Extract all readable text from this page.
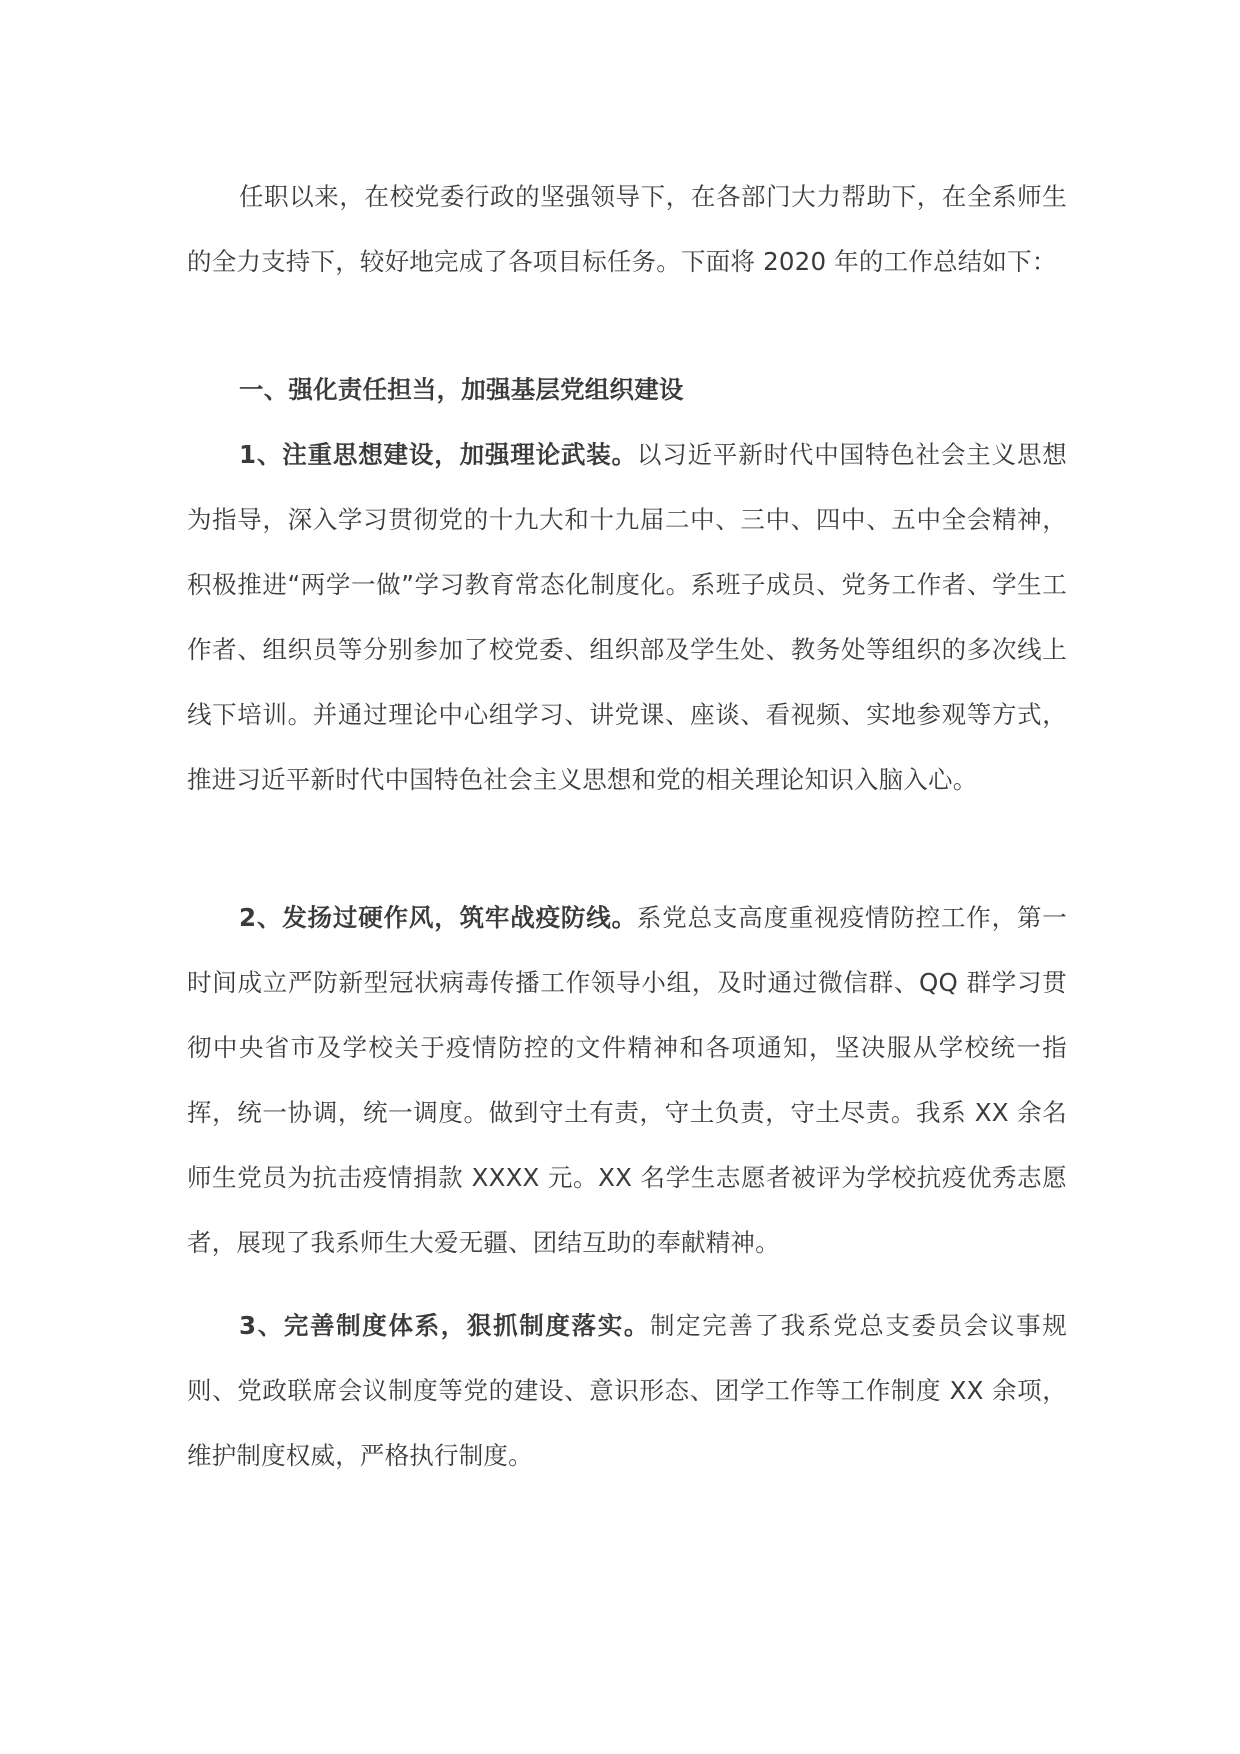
任职以来，在校党委行政的坚强领导下，在各部门大力帮助下，在全系师生的全力支持下，较好地完成了各项目标任务。下面将 2020 年的工作总结如下：

一、强化责任担当，加强基层党组织建设

1、注重思想建设，加强理论武装。以习近平新时代中国特色社会主义思想为指导，深入学习贯彻党的十九大和十九届二中、三中、四中、五中全会精神，积极推进“两学一做”学习教育常态化制度化。系班子成员、党务工作者、学生工作者、组织员等分别参加了校党委、组织部及学生处、教务处等组织的多次线上线下培训。并通过理论中心组学习、讲党课、座谈、看视频、实地参观等方式，推进习近平新时代中国特色社会主义思想和党的相关理论知识入脑入心。

2、发扬过硬作风，筑牢战疫防线。系党总支高度重视疫情防控工作，第一时间成立严防新型冠状病毒传播工作领导小组，及时通过微信群、QQ 群学习贯彻中央省市及学校关于疫情防控的文件精神和各项通知，坚决服从学校统一指挥，统一协调，统一调度。做到守土有责，守土负责，守土尽责。我系 XX 余名师生党员为抗击疫情捐款 XXXX 元。XX 名学生志愿者被评为学校抗疫优秀志愿者，展现了我系师生大爱无疆、团结互助的奉献精神。

3、完善制度体系，狠抓制度落实。制定完善了我系党总支委员会议事规则、党政联席会议制度等党的建设、意识形态、团学工作等工作制度 XX 余项，维护制度权威，严格执行制度。
